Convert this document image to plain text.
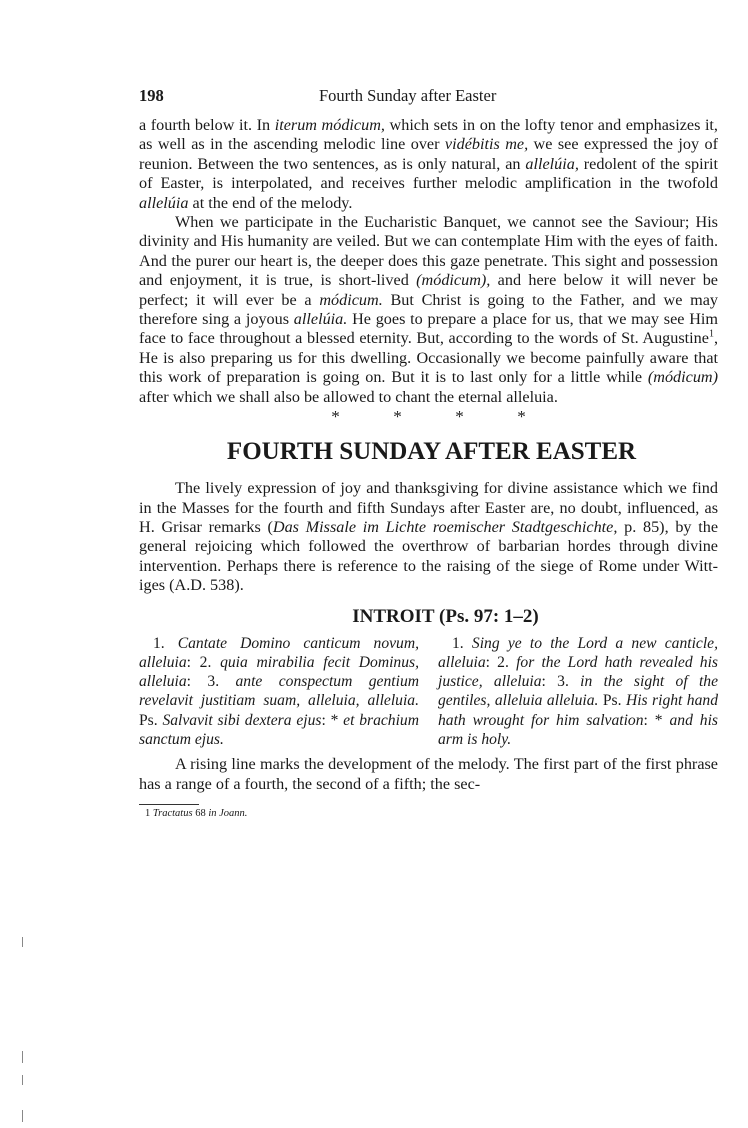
198	Fourth Sunday after Easter

a fourth below it. In iterum módicum, which sets in on the lofty tenor and emphasizes it, as well as in the ascending melodic line over vidébitis me, we see expressed the joy of reunion. Between the two sentences, as is only natural, an allelúia, redolent of the spirit of Easter, is interpolated, and receives further melodic amplification in the twofold allelúia at the end of the melody.

When we participate in the Eucharistic Banquet, we cannot see the Saviour; His divinity and His humanity are veiled. But we can contemplate Him with the eyes of faith. And the purer our heart is, the deeper does this gaze penetrate. This sight and possession and enjoyment, it is true, is short-lived (módicum), and here below it will never be perfect; it will ever be a módicum. But Christ is going to the Father, and we may therefore sing a joyous allelúia. He goes to prepare a place for us, that we may see Him face to face throughout a blessed eternity. But, according to the words of St. Augustine$^1$, He is also preparing us for this dwelling. Occasionally we become painfully aware that this work of preparation is going on. But it is to last only for a little while (módicum) after which we shall also be allowed to chant the eternal alleluia.

*	*	*	*
FOURTH SUNDAY AFTER EASTER

The lively expression of joy and thanksgiving for divine assistance which we find in the Masses for the fourth and fifth Sundays after Easter are, no doubt, influenced, as H. Grisar remarks (Das Missale im Lichte roemischer Stadtgeschichte, p. 85), by the general rejoicing which followed the overthrow of barbarian hordes through divine intervention. Perhaps there is reference to the raising of the siege of Rome under Wittiges (A.D. 538).

INTROIT (Ps. 97: 1–2)
1. Cantate Domino canticum novum, alleluia: 2. quia mirabilia fecit Dominus, alleluia: 3. ante conspectum gentium revelavit justitiam suam, alleluia, alleluia. Ps. Salvavit sibi dextera ejus: * et brachium sanctum ejus.
1. Sing ye to the Lord a new canticle, alleluia: 2. for the Lord hath revealed his justice, alleluia: 3. in the sight of the gentiles, alleluia alleluia. Ps. His right hand hath wrought for him salvation: * and his arm is holy.

A rising line marks the development of the melody. The first part of the first phrase has a range of a fourth, the second of a fifth; the sec-

1 Tractatus 68 in Joann.
